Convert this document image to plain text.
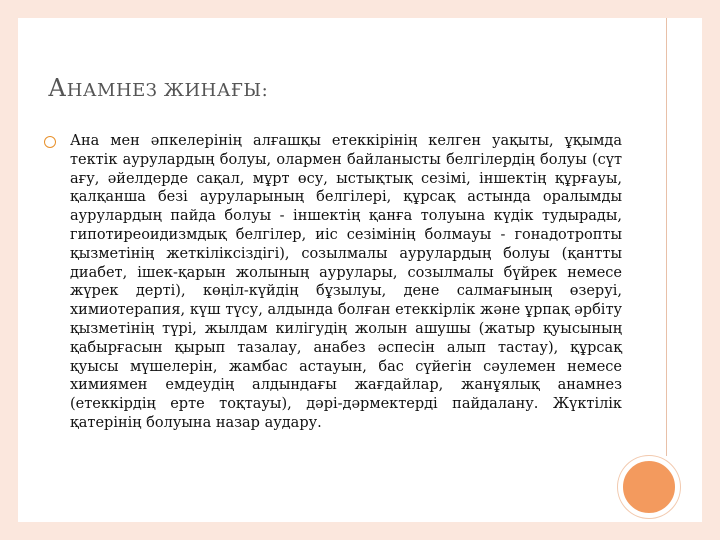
АНАМНЕЗ ЖИНАҒЫ:
Ана мен әпкелерінің алғашқы етеккірінің келген уақыты, ұқымда тектік аурулардың болуы, олармен байланысты белгілердің болуы (сүт ағу, әйелдерде сақал, мұрт өсу, ыстықтық сезімі, іншектің құрғауы, қалқанша безі ауруларының белгілері, құрсақ астында оралымды аурулардың пайда болуы - іншектің қанға толуына күдік тудырады, гипотиреоидизмдық белгілер, иіс сезімінің болмауы - гонадотропты қызметінің жеткіліксіздігі), созылмалы аурулардың болуы (қантты диабет, ішек-қарын жолының аурулары, созылмалы бүйрек немесе жүрек дерті), көңіл-күйдің бұзылуы, дене салмағының өзеруі, химиотерапия, күш түсу, алдында болған етеккірлік және ұрпақ әрбіту қызметінің түрі, жылдам килігудің жолын ашушы (жатыр қуысының қабырғасын қырып тазалау, анабез әспесін алып тастау), құрсақ қуысы мүшелерін, жамбас астауын, бас сүйегін сәулемен немесе химиямен емдеудің алдындағы жағдайлар, жанұялық анамнез (етеккірдің ерте тоқтауы), дәрі-дәрмектерді пайдалану. Жүктілік қатерінің болуына назар аудару.
